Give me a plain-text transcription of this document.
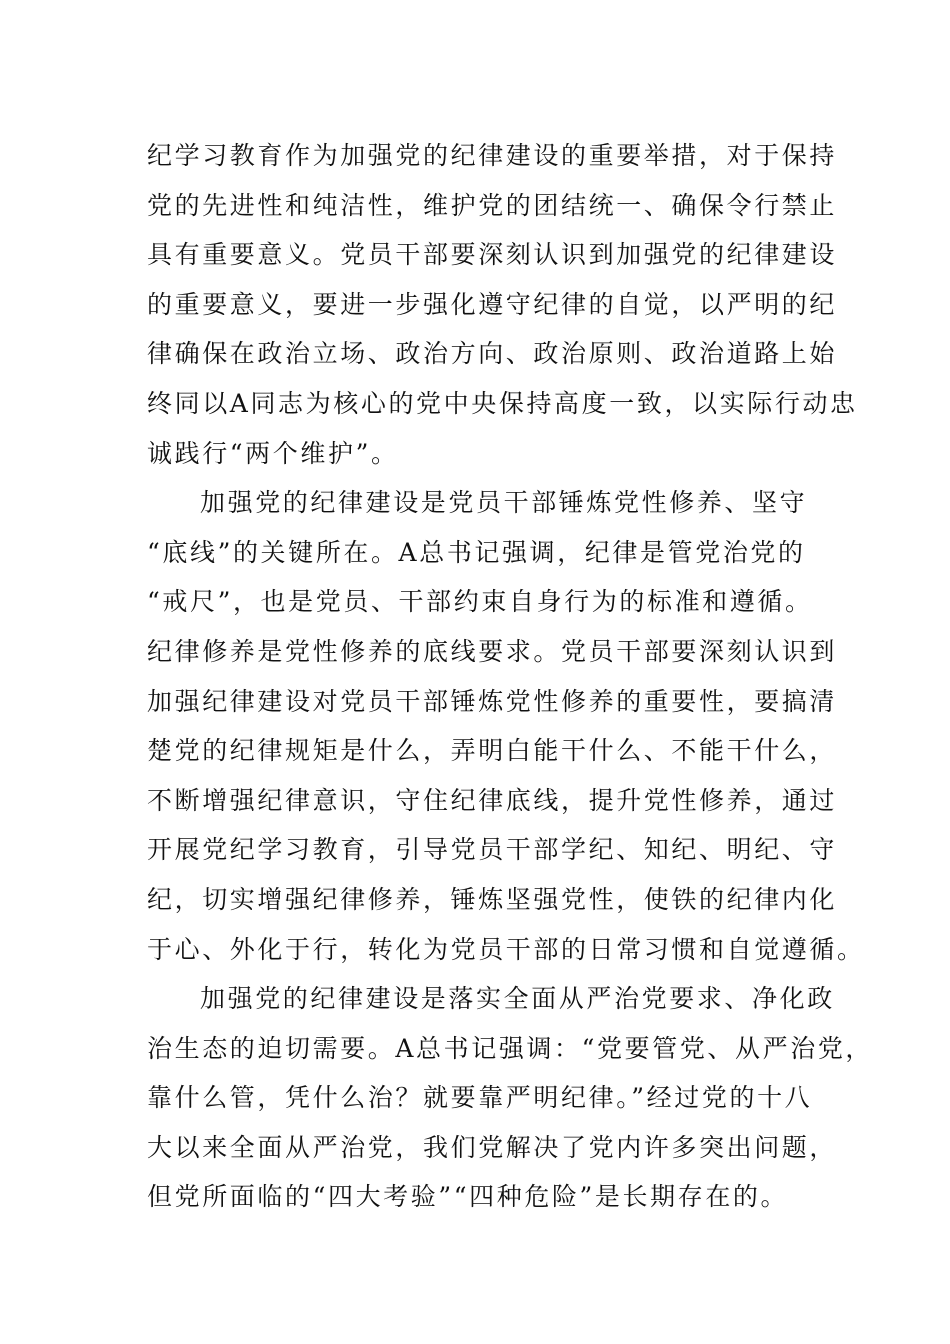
纪学习教育作为加强党的纪律建设的重要举措，对于保持
党的先进性和纯洁性，维护党的团结统一、确保令行禁止
具有重要意义。党员干部要深刻认识到加强党的纪律建设
的重要意义，要进一步强化遵守纪律的自觉，以严明的纪
律确保在政治立场、政治方向、政治原则、政治道路上始
终同以A同志为核心的党中央保持高度一致，以实际行动忠
诚践行“两个维护”。
加强党的纪律建设是党员干部锤炼党性修养、坚守
“底线”的关键所在。A总书记强调，纪律是管党治党的
“戒尺”，也是党员、干部约束自身行为的标准和遵循。
纪律修养是党性修养的底线要求。党员干部要深刻认识到
加强纪律建设对党员干部锤炼党性修养的重要性，要搞清
楚党的纪律规矩是什么，弄明白能干什么、不能干什么，
不断增强纪律意识，守住纪律底线，提升党性修养，通过
开展党纪学习教育，引导党员干部学纪、知纪、明纪、守
纪，切实增强纪律修养，锤炼坚强党性，使铁的纪律内化
于心、外化于行，转化为党员干部的日常习惯和自觉遵循。
加强党的纪律建设是落实全面从严治党要求、净化政
治生态的迫切需要。A总书记强调：“党要管党、从严治党，
靠什么管，凭什么治？就要靠严明纪律。”经过党的十八
大以来全面从严治党，我们党解决了党内许多突出问题，
但党所面临的“四大考验”“四种危险”是长期存在的。
